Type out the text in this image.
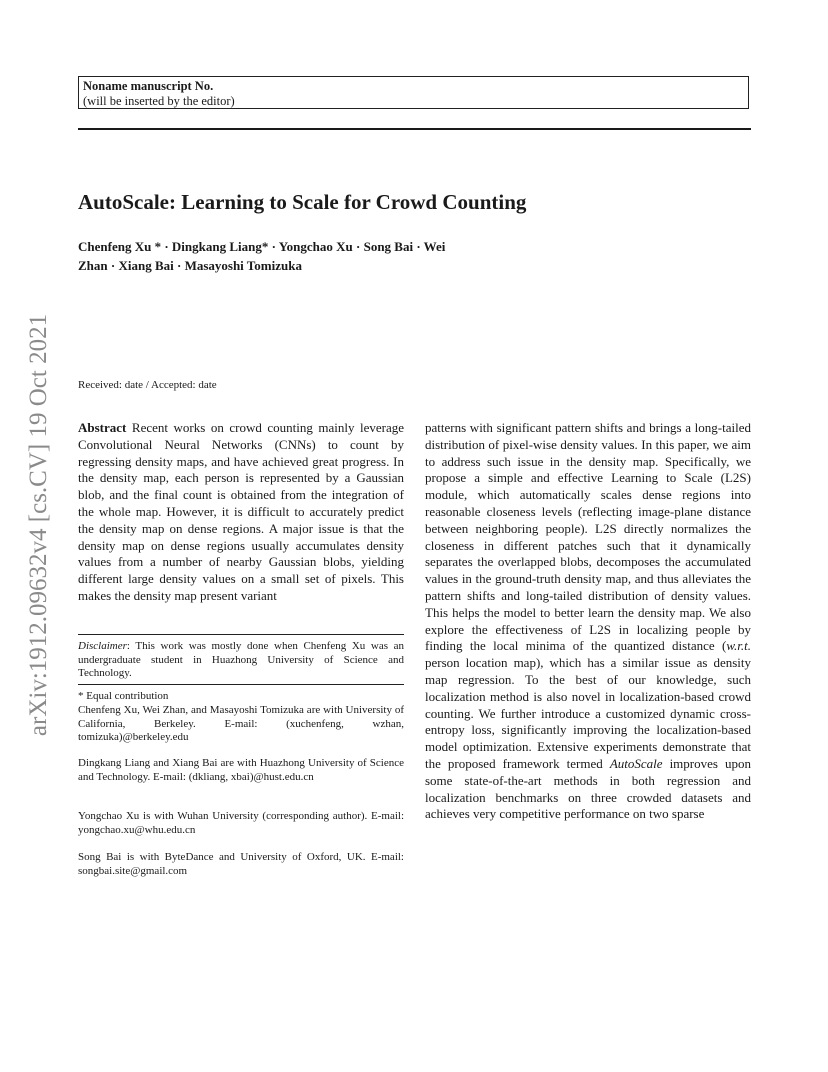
arXiv:1912.09632v4 [cs.CV] 19 Oct 2021
Noname manuscript No.
(will be inserted by the editor)
AutoScale: Learning to Scale for Crowd Counting
Chenfeng Xu * · Dingkang Liang* · Yongchao Xu · Song Bai · Wei
Zhan · Xiang Bai · Masayoshi Tomizuka
Received: date / Accepted: date
Abstract Recent works on crowd counting mainly leverage Convolutional Neural Networks (CNNs) to count by regressing density maps, and have achieved great progress. In the density map, each person is represented by a Gaussian blob, and the final count is obtained from the integration of the whole map. However, it is difficult to accurately predict the density map on dense regions. A major issue is that the density map on dense regions usually accumulates density values from a number of nearby Gaussian blobs, yielding different large density values on a small set of pixels. This makes the density map present variant
Disclaimer: This work was mostly done when Chenfeng Xu was an undergraduate student in Huazhong University of Science and Technology.
* Equal contribution
Chenfeng Xu, Wei Zhan, and Masayoshi Tomizuka are with University of California, Berkeley. E-mail: (xuchenfeng, wzhan, tomizuka)@berkeley.edu
Dingkang Liang and Xiang Bai are with Huazhong University of Science and Technology. E-mail: (dkliang, xbai)@hust.edu.cn
Yongchao Xu is with Wuhan University (corresponding author). E-mail: yongchao.xu@whu.edu.cn
Song Bai is with ByteDance and University of Oxford, UK. E-mail: songbai.site@gmail.com
patterns with significant pattern shifts and brings a long-tailed distribution of pixel-wise density values. In this paper, we aim to address such issue in the density map. Specifically, we propose a simple and effective Learning to Scale (L2S) module, which automatically scales dense regions into reasonable closeness levels (reflecting image-plane distance between neighboring people). L2S directly normalizes the closeness in different patches such that it dynamically separates the overlapped blobs, decomposes the accumulated values in the ground-truth density map, and thus alleviates the pattern shifts and long-tailed distribution of density values. This helps the model to better learn the density map. We also explore the effectiveness of L2S in localizing people by finding the local minima of the quantized distance (w.r.t. person location map), which has a similar issue as density map regression. To the best of our knowledge, such localization method is also novel in localization-based crowd counting. We further introduce a customized dynamic cross-entropy loss, significantly improving the localization-based model optimization. Extensive experiments demonstrate that the proposed framework termed AutoScale improves upon some state-of-the-art methods in both regression and localization benchmarks on three crowded datasets and achieves very competitive performance on two sparse
